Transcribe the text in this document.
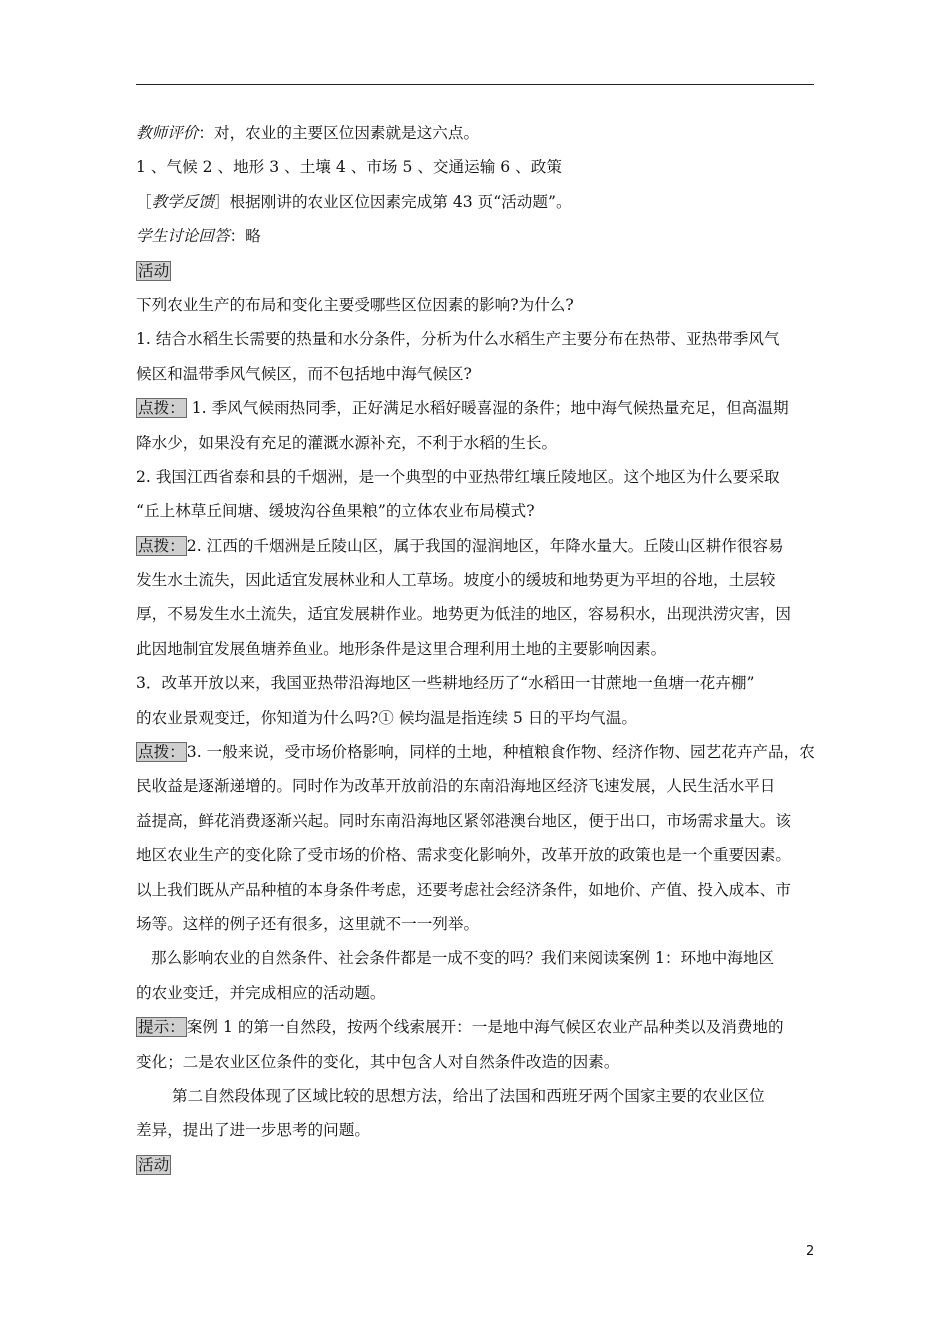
教师评价：对，农业的主要区位因素就是这六点。
1 、气候 2 、地形 3 、土壤 4 、市场 5 、交通运输 6 、政策
［教学反馈］根据刚讲的农业区位因素完成第 43 页“活动题”。
学生讨论回答：略
活动
下列农业生产的布局和变化主要受哪些区位因素的影响?为什么?
1. 结合水稻生长需要的热量和水分条件，分析为什么水稻生产主要分布在热带、亚热带季风气
候区和温带季风气候区，而不包括地中海气候区?
点拨： 1. 季风气候雨热同季，正好满足水稻好暖喜湿的条件；地中海气候热量充足，但高温期
降水少，如果没有充足的灌溉水源补充，不利于水稻的生长。
2. 我国江西省泰和县的千烟洲，是一个典型的中亚热带红壤丘陵地区。这个地区为什么要采取
“丘上林草丘间塘、缓坡沟谷鱼果粮”的立体农业布局模式?
点拨： 2. 江西的千烟洲是丘陵山区，属于我国的湿润地区，年降水量大。丘陵山区耕作很容易
发生水土流失，因此适宜发展林业和人工草场。坡度小的缓坡和地势更为平坦的谷地，土层较
厚，不易发生水土流失，适宜发展耕作业。地势更为低洼的地区，容易积水，出现洪涝灾害，因
此因地制宜发展鱼塘养鱼业。地形条件是这里合理利用土地的主要影响因素。
3．改革开放以来，我国亚热带沿海地区一些耕地经历了“水稻田一甘蔗地一鱼塘一花卉棚”
的农业景观变迁，你知道为什么吗?① 候均温是指连续 5 日的平均气温。
点拨： 3. 一般来说，受市场价格影响，同样的土地，种植粮食作物、经济作物、园艺花卉产品，农
民收益是逐渐递增的。同时作为改革开放前沿的东南沿海地区经济飞速发展，人民生活水平日
益提高，鲜花消费逐渐兴起。同时东南沿海地区紧邻港澳台地区，便于出口，市场需求量大。该
地区农业生产的变化除了受市场的价格、需求变化影响外，改革开放的政策也是一个重要因素。
以上我们既从产品种植的本身条件考虑，还要考虑社会经济条件，如地价、产值、投入成本、市
场等。这样的例子还有很多，这里就不一一列举。
那么影响农业的自然条件、社会条件都是一成不变的吗？我们来阅读案例 1：环地中海地区
的农业变迁，并完成相应的活动题。
提示： 案例 1 的第一自然段，按两个线索展开：一是地中海气候区农业产品种类以及消费地的
变化；二是农业区位条件的变化，其中包含人对自然条件改造的因素。
第二自然段体现了区域比较的思想方法，给出了法国和西班牙两个国家主要的农业区位
差异，提出了进一步思考的问题。
活动
2
